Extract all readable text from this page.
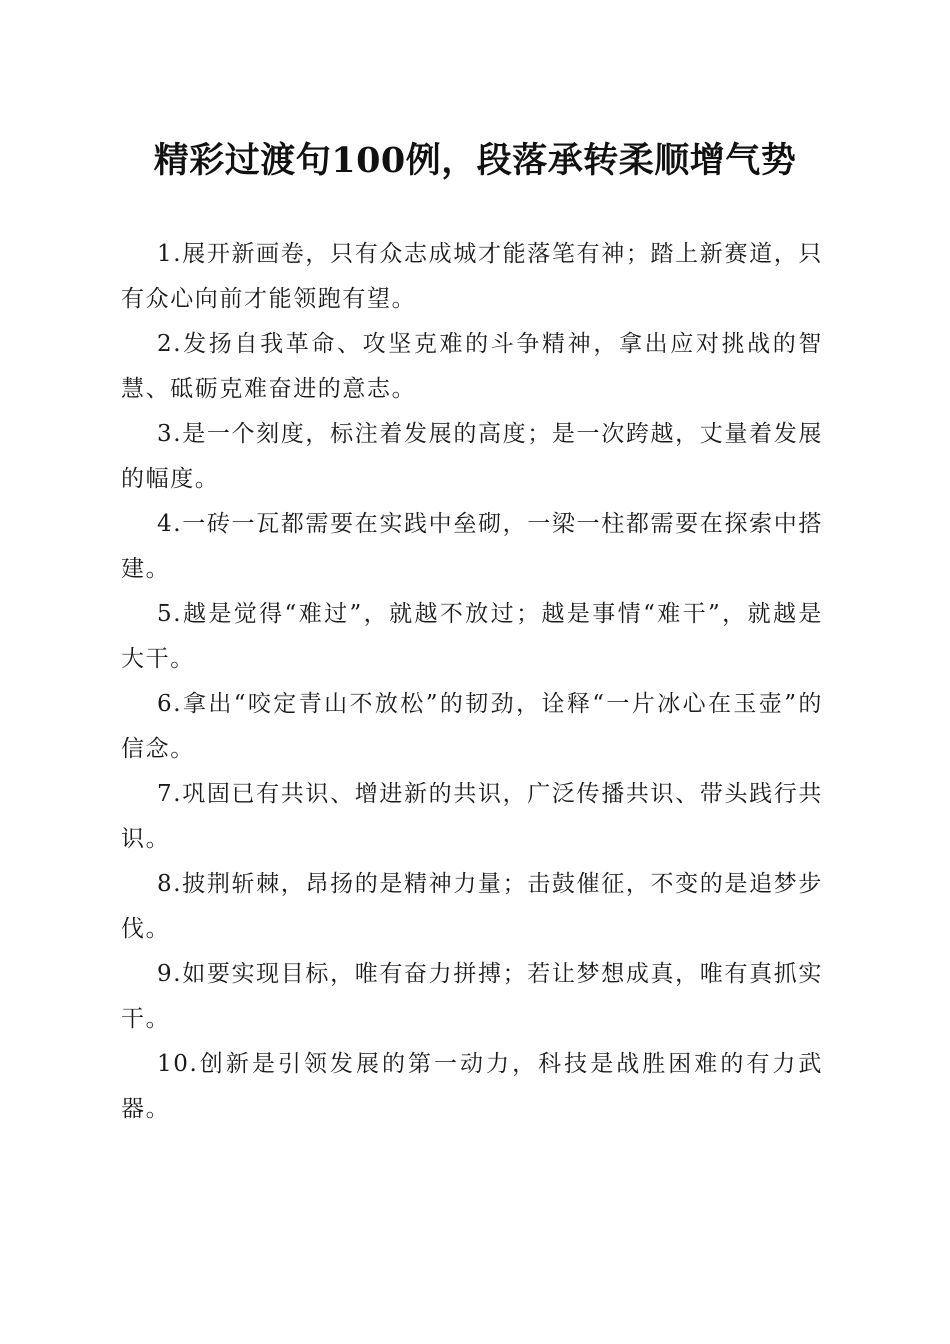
精彩过渡句100例，段落承转柔顺增气势

1.展开新画卷，只有众志成城才能落笔有神；踏上新赛道，只有众心向前才能领跑有望。

2.发扬自我革命、攻坚克难的斗争精神，拿出应对挑战的智慧、砥砺克难奋进的意志。

3.是一个刻度，标注着发展的高度；是一次跨越，丈量着发展的幅度。

4.一砖一瓦都需要在实践中垒砌，一梁一柱都需要在探索中搭建。

5.越是觉得“难过”，就越不放过；越是事情“难干”，就越是大干。

6.拿出“咬定青山不放松”的韧劲，诠释“一片冰心在玉壶”的信念。

7.巩固已有共识、增进新的共识，广泛传播共识、带头践行共识。

8.披荆斩棘，昂扬的是精神力量；击鼓催征，不变的是追梦步伐。

9.如要实现目标，唯有奋力拼搏；若让梦想成真，唯有真抓实干。

10.创新是引领发展的第一动力，科技是战胜困难的有力武器。
